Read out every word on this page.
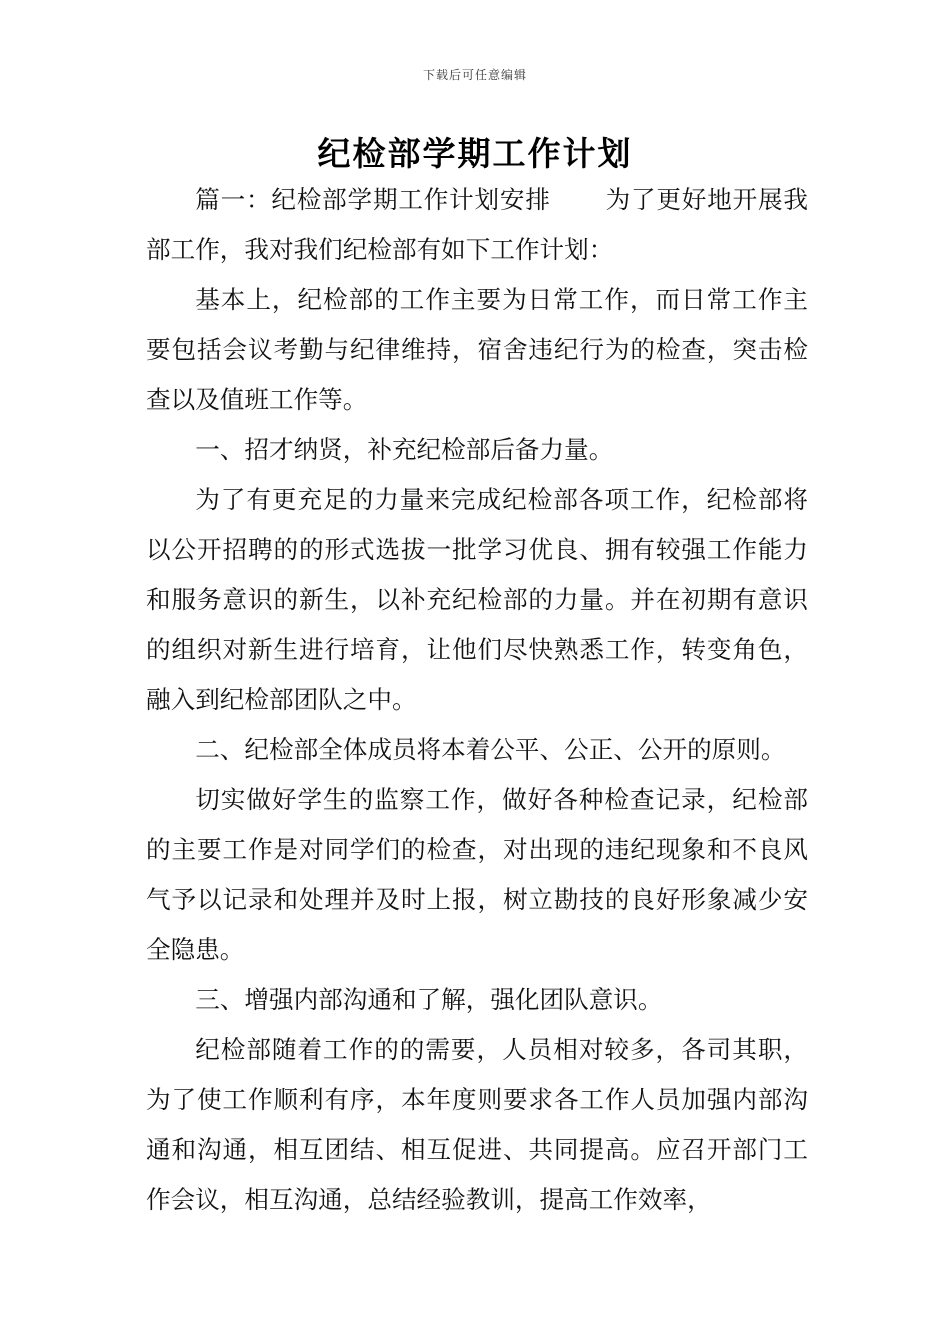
下载后可任意编辑
纪检部学期工作计划

篇一：纪检部学期工作计划安排 为了更好地开展我部工作，我对我们纪检部有如下工作计划：

基本上，纪检部的工作主要为日常工作，而日常工作主要包括会议考勤与纪律维持，宿舍违纪行为的检查，突击检查以及值班工作等。

一、招才纳贤，补充纪检部后备力量。

为了有更充足的力量来完成纪检部各项工作，纪检部将以公开招聘的的形式选拔一批学习优良、拥有较强工作能力和服务意识的新生，以补充纪检部的力量。并在初期有意识的组织对新生进行培育，让他们尽快熟悉工作，转变角色，融入到纪检部团队之中。

二、纪检部全体成员将本着公平、公正、公开的原则。

切实做好学生的监察工作，做好各种检查记录，纪检部的主要工作是对同学们的检查，对出现的违纪现象和不良风气予以记录和处理并及时上报，树立勘技的良好形象减少安全隐患。

三、增强内部沟通和了解，强化团队意识。

纪检部随着工作的的需要，人员相对较多，各司其职，为了使工作顺利有序，本年度则要求各工作人员加强内部沟通和沟通，相互团结、相互促进、共同提高。应召开部门工作会议，相互沟通，总结经验教训，提高工作效率，
